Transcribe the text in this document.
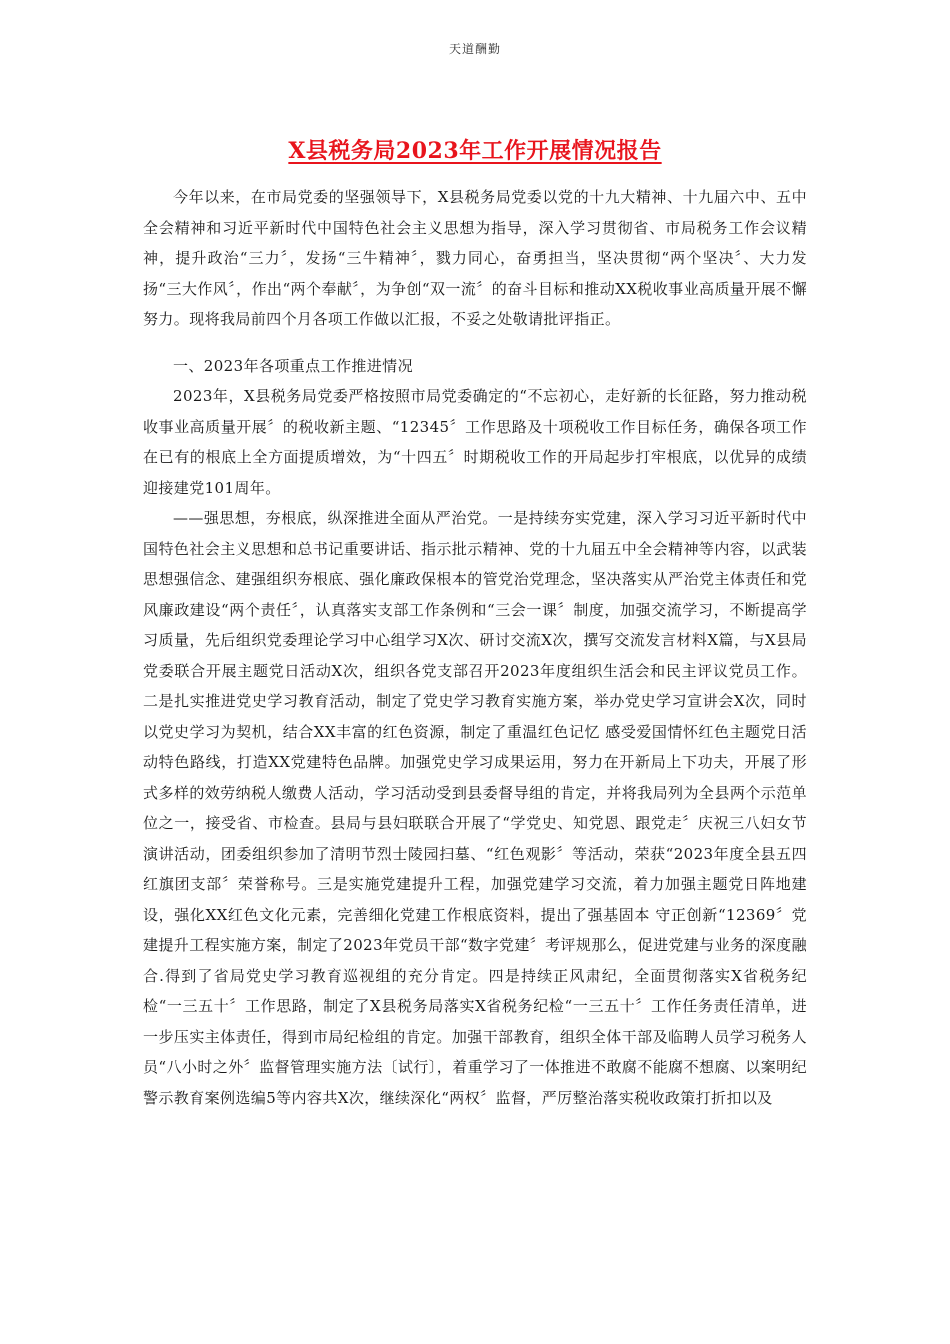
天道酬勤
X县税务局2023年工作开展情况报告

今年以来，在市局党委的坚强领导下，X县税务局党委以党的十九大精神、十九届六中、五中全会精神和习近平新时代中国特色社会主义思想为指导，深入学习贯彻省、市局税务工作会议精神，提升政治“三力〞，发扬“三牛精神〞，戮力同心，奋勇担当，坚决贯彻“两个坚决〞、大力发扬“三大作风〞，作出“两个奉献〞，为争创“双一流〞的奋斗目标和推动XX税收事业高质量开展不懈努力。现将我局前四个月各项工作做以汇报，不妥之处敬请批评指正。

一、2023年各项重点工作推进情况

2023年，X县税务局党委严格按照市局党委确定的“不忘初心，走好新的长征路，努力推动税收事业高质量开展〞的税收新主题、“12345〞工作思路及十项税收工作目标任务，确保各项工作在已有的根底上全方面提质增效，为“十四五〞时期税收工作的开局起步打牢根底，以优异的成绩迎接建党101周年。

——强思想，夯根底，纵深推进全面从严治党。一是持续夯实党建，深入学习习近平新时代中国特色社会主义思想和总书记重要讲话、指示批示精神、党的十九届五中全会精神等内容，以武装思想强信念、建强组织夯根底、强化廉政保根本的管党治党理念，坚决落实从严治党主体责任和党风廉政建设“两个责任〞，认真落实支部工作条例和“三会一课〞制度，加强交流学习，不断提高学习质量，先后组织党委理论学习中心组学习X次、研讨交流X次，撰写交流发言材料X篇，与X县局党委联合开展主题党日活动X次，组织各党支部召开2023年度组织生活会和民主评议党员工作。二是扎实推进党史学习教育活动，制定了党史学习教育实施方案，举办党史学习宣讲会X次，同时以党史学习为契机，结合XX丰富的红色资源，制定了重温红色记忆 感受爱国情怀红色主题党日活动特色路线，打造XX党建特色品牌。加强党史学习成果运用，努力在开新局上下功夫，开展了形式多样的效劳纳税人缴费人活动，学习活动受到县委督导组的肯定，并将我局列为全县两个示范单位之一，接受省、市检查。县局与县妇联联合开展了“学党史、知党恩、跟党走〞庆祝三八妇女节演讲活动，团委组织参加了清明节烈士陵园扫墓、“红色观影〞等活动，荣获“2023年度全县五四红旗团支部〞荣誉称号。三是实施党建提升工程，加强党建学习交流，着力加强主题党日阵地建设，强化XX红色文化元素，完善细化党建工作根底资料，提出了强基固本 守正创新“12369〞党建提升工程实施方案，制定了2023年党员干部“数字党建〞考评规那么，促进党建与业务的深度融合.得到了省局党史学习教育巡视组的充分肯定。四是持续正风肃纪，全面贯彻落实X省税务纪检“一三五十〞工作思路，制定了X县税务局落实X省税务纪检“一三五十〞工作任务责任清单，进一步压实主体责任，得到市局纪检组的肯定。加强干部教育，组织全体干部及临聘人员学习税务人员“八小时之外〞监督管理实施方法〔试行〕，着重学习了一体推进不敢腐不能腐不想腐、以案明纪警示教育案例选编5等内容共X次，继续深化“两权〞监督，严厉整治落实税收政策打折扣以及
